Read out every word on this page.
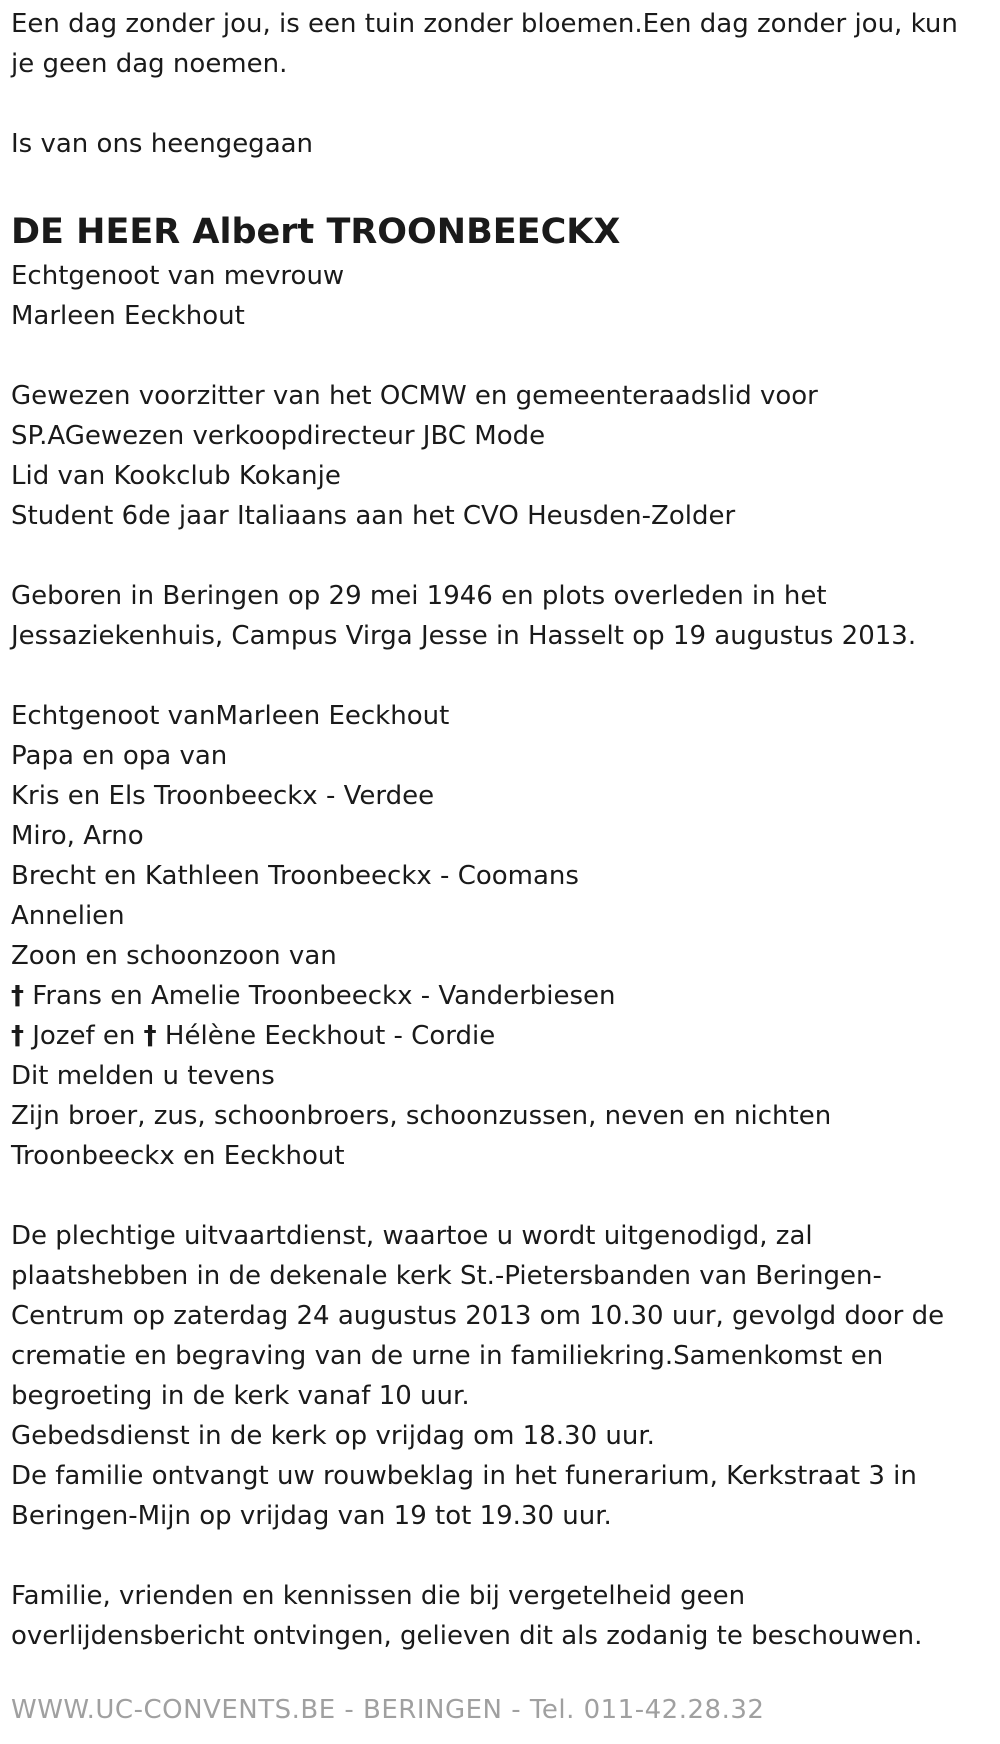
Een dag zonder jou, is een tuin zonder bloemen.Een dag zonder jou, kun
je geen dag noemen.
Is van ons heengegaan
DE HEER Albert TROONBEECKX
Echtgenoot van mevrouw
Marleen Eeckhout
Gewezen voorzitter van het OCMW en gemeenteraadslid voor
SP.AGewezen verkoopdirecteur JBC Mode
Lid van Kookclub Kokanje
Student 6de jaar Italiaans aan het CVO Heusden-Zolder
Geboren in Beringen op 29 mei 1946 en plots overleden in het
Jessaziekenhuis, Campus Virga Jesse in Hasselt op 19 augustus 2013.
Echtgenoot vanMarleen Eeckhout
Papa en opa van
Kris en Els Troonbeeckx - Verdee
Miro, Arno
Brecht en Kathleen Troonbeeckx - Coomans
Annelien
Zoon en schoonzoon van
† Frans en Amelie Troonbeeckx - Vanderbiesen
† Jozef en † Hélène Eeckhout - Cordie
Dit melden u tevens
Zijn broer, zus, schoonbroers, schoonzussen, neven en nichten
Troonbeeckx en Eeckhout
De plechtige uitvaartdienst, waartoe u wordt uitgenodigd, zal
plaatshebben in de dekenale kerk St.-Pietersbanden van Beringen-
Centrum op zaterdag 24 augustus 2013 om 10.30 uur, gevolgd door de
crematie en begraving van de urne in familiekring.Samenkomst en
begroeting in de kerk vanaf 10 uur.
Gebedsdienst in de kerk op vrijdag om 18.30 uur.
De familie ontvangt uw rouwbeklag in het funerarium, Kerkstraat 3 in
Beringen-Mijn op vrijdag van 19 tot 19.30 uur.
Familie, vrienden en kennissen die bij vergetelheid geen
overlijdensbericht ontvingen, gelieven dit als zodanig te beschouwen.
WWW.UC-CONVENTS.BE - BERINGEN - Tel. 011-42.28.32
